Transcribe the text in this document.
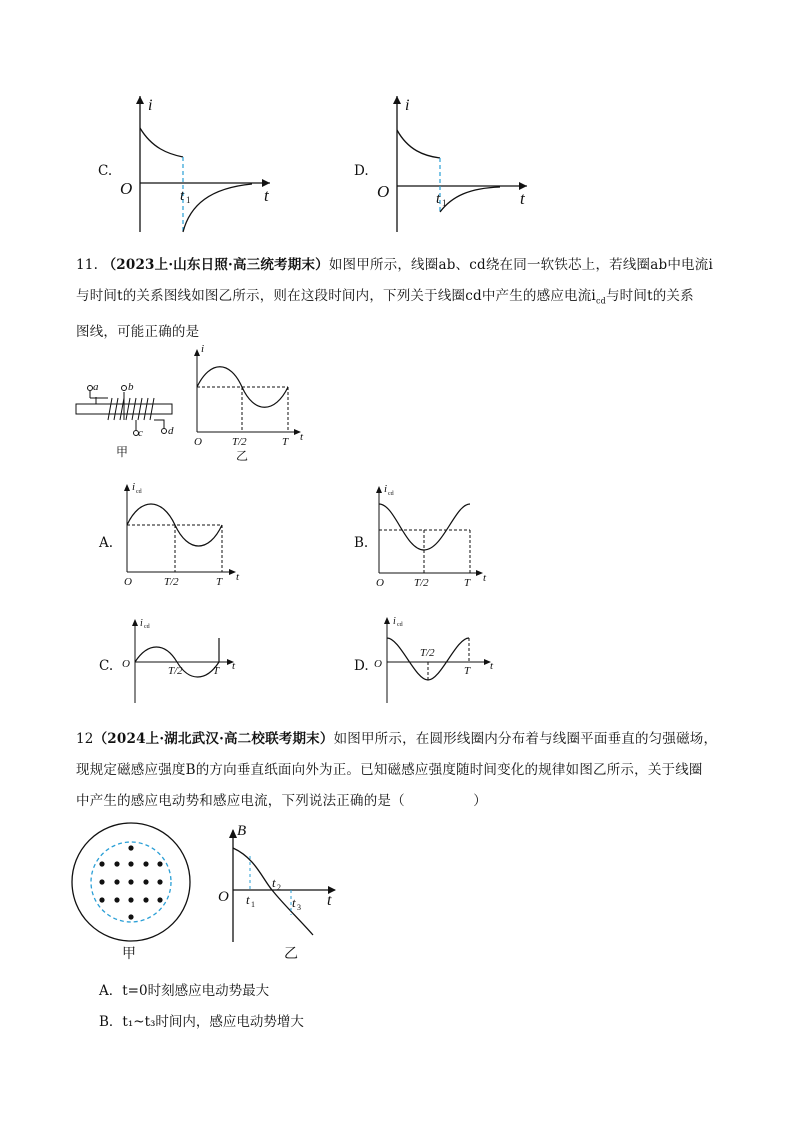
C.
i
t
O	t 1
D.
i
t
O	t 1
11. （2023上·山东日照·高三统考期末）如图甲所示，线圈ab、cd绕在同一软铁芯上，若线圈ab中电流i
与时间t的关系图线如图乙所示，则在这段时间内，下列关于线圈cd中产生的感应电流$i_{cd}$与时间t的关系
图线，可能正确的是
a	b
c d
甲
i
O	T/2	T t
乙
A.
i cd
O	T/2	T t
B.
i cd
O	T/2	T t
C.
i cd
O
T/2	T t	D.
i cd
O
T/2
T t
12（2024上·湖北武汉·高二校联考期末）如图甲所示，在圆形线圈内分布着与线圈平面垂直的匀强磁场，
现规定磁感应强度B的方向垂直纸面向外为正。已知磁感应强度随时间变化的规律如图乙所示，关于线圈
中产生的感应电动势和感应电流，下列说法正确的是（　　　　　）
甲
B
O	t
t 1
t 2
t 3
乙
A．t=0时刻感应电动势最大
B．t₁~t₃时间内，感应电动势增大
